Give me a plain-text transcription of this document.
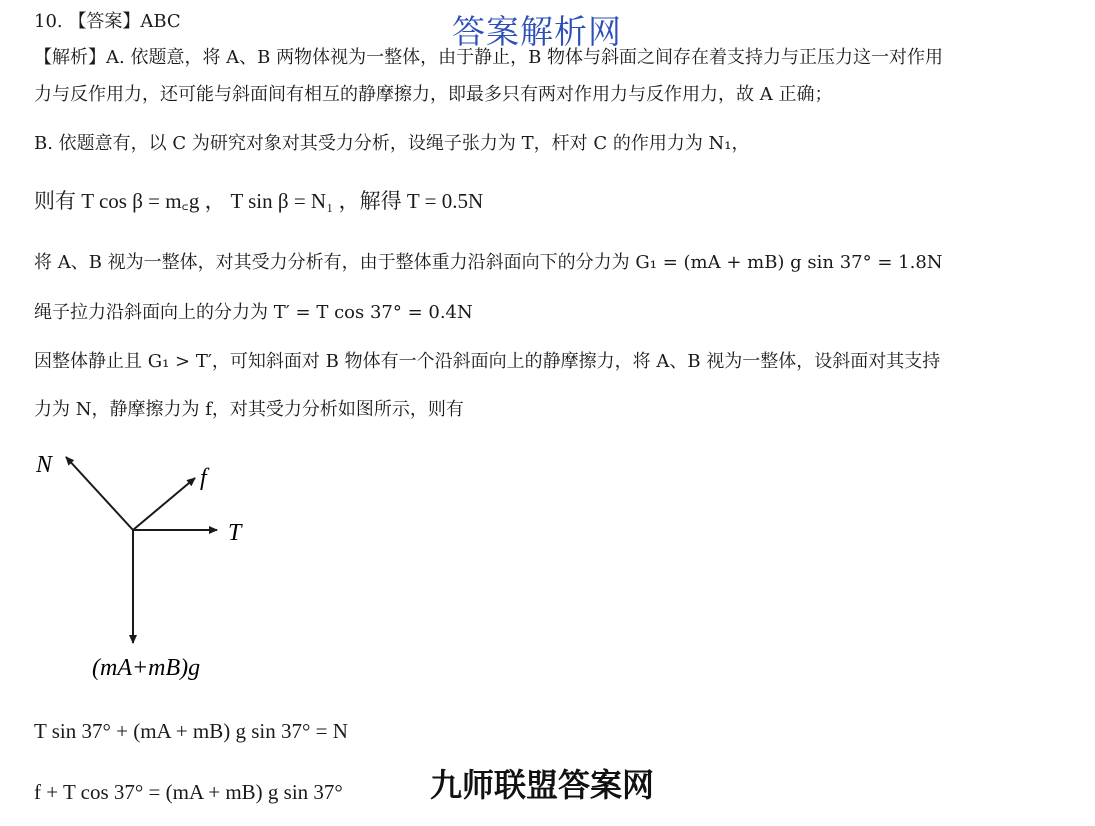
答案解析网
10. 【答案】ABC
【解析】A. 依题意，将 A、B 两物体视为一整体，由于静止，B 物体与斜面之间存在着支持力与正压力这一对作用
力与反作用力，还可能与斜面间有相互的静摩擦力，即最多只有两对作用力与反作用力，故 A 正确；
B. 依题意有，以 C 为研究对象对其受力分析，设绳子张力为 T，杆对 C 的作用力为 N₁，
则有 T cos β = m꜀g ， T sin β = N₁ ，解得 T = 0.5N
将 A、B 视为一整体，对其受力分析有，由于整体重力沿斜面向下的分力为 G₁ = (mA + mB) g sin 37° = 1.8N
绳子拉力沿斜面向上的分力为 T′ = T cos 37° = 0.4N
因整体静止且 G₁ > T′，可知斜面对 B 物体有一个沿斜面向上的静摩擦力，将 A、B 视为一整体，设斜面对其支持
力为 N，静摩擦力为 f，对其受力分析如图所示，则有
N	f
T
(mA+mB)g
T sin 37° + (mA + mB) g sin 37° = N
f + T cos 37° = (mA + mB) g sin 37°	九师联盟答案网
